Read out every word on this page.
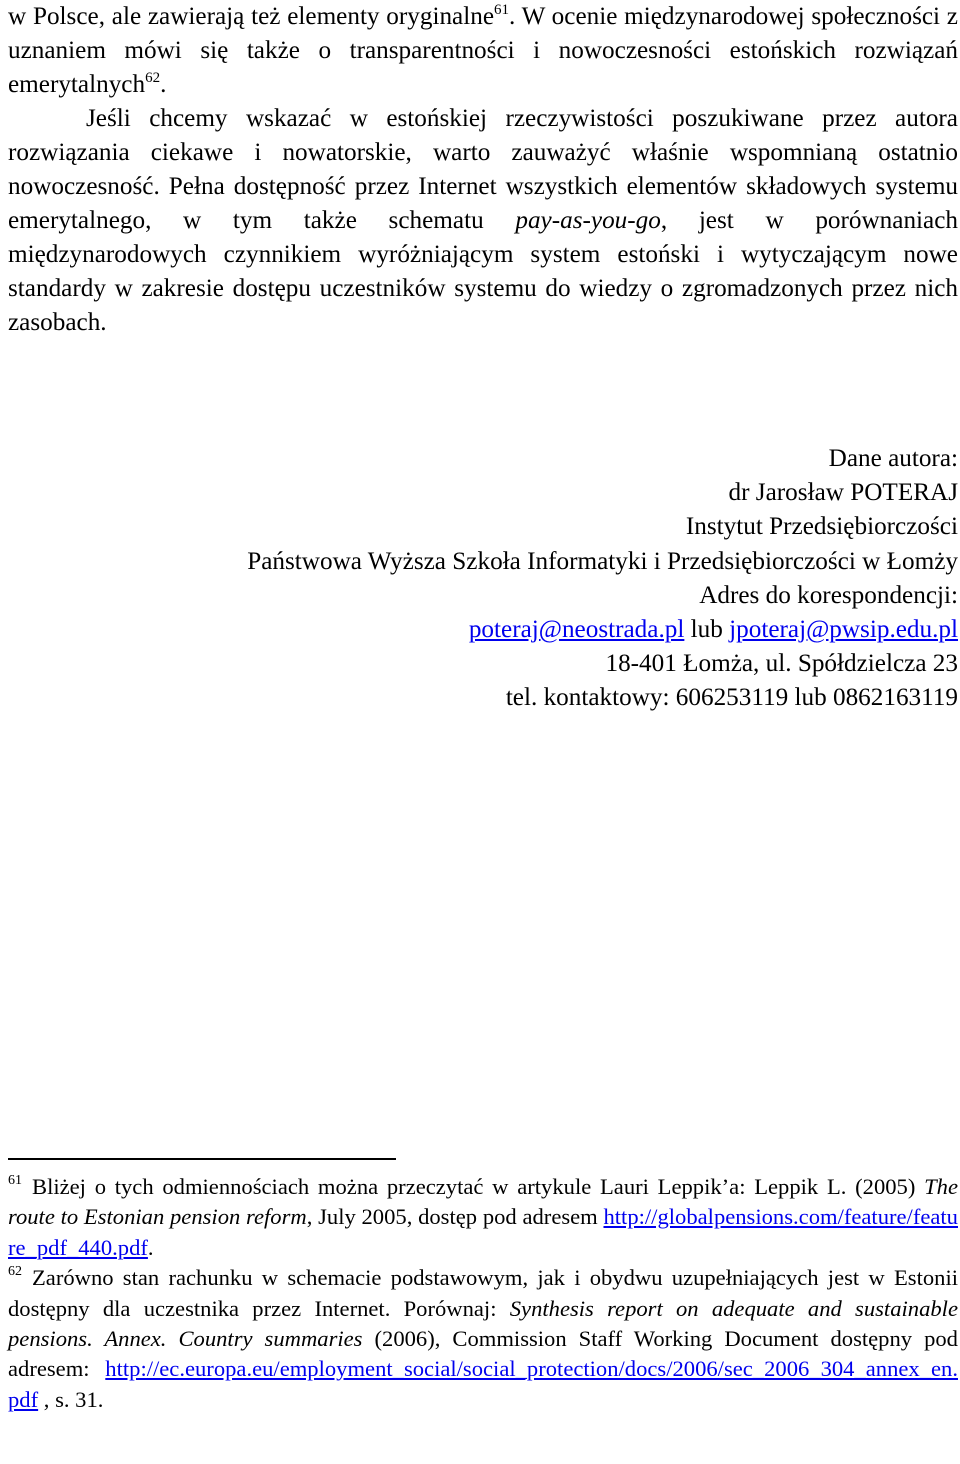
w Polsce, ale zawierają też elementy oryginalne$^{61}$. W ocenie międzynarodowej społeczności z uznaniem mówi się także o transparentności i nowoczesności estońskich rozwiązań emerytalnych$^{62}$.

Jeśli chcemy wskazać w estońskiej rzeczywistości poszukiwane przez autora rozwiązania ciekawe i nowatorskie, warto zauważyć właśnie wspomnianą ostatnio nowoczesność. Pełna dostępność przez Internet wszystkich elementów składowych systemu emerytalnego, w tym także schematu pay-as-you-go, jest w porównaniach międzynarodowych czynnikiem wyróżniającym system estoński i wytyczającym nowe standardy w zakresie dostępu uczestników systemu do wiedzy o zgromadzonych przez nich zasobach.

Dane autora:
dr Jarosław POTERAJ
Instytut Przedsiębiorczości
Państwowa Wyższa Szkoła Informatyki i Przedsiębiorczości w Łomży
Adres do korespondencji:
poteraj@neostrada.pl lub jpoteraj@pwsip.edu.pl
18-401 Łomża, ul. Spółdzielcza 23
tel. kontaktowy: 606253119 lub 0862163119

$^{61}$ Bliżej o tych odmiennościach można przeczytać w artykule Lauri Leppik’a: Leppik L. (2005) The route to Estonian pension reform, July 2005, dostęp pod adresem http://globalpensions.com/feature/feature_pdf_440.pdf.

$^{62}$ Zarówno stan rachunku w schemacie podstawowym, jak i obydwu uzupełniających jest w Estonii dostępny dla uczestnika przez Internet. Porównaj: Synthesis report on adequate and sustainable pensions. Annex. Country summaries (2006), Commission Staff Working Document dostępny pod adresem: http://ec.europa.eu/employment_social/social_protection/docs/2006/sec_2006_304_annex_en.pdf , s. 31.
